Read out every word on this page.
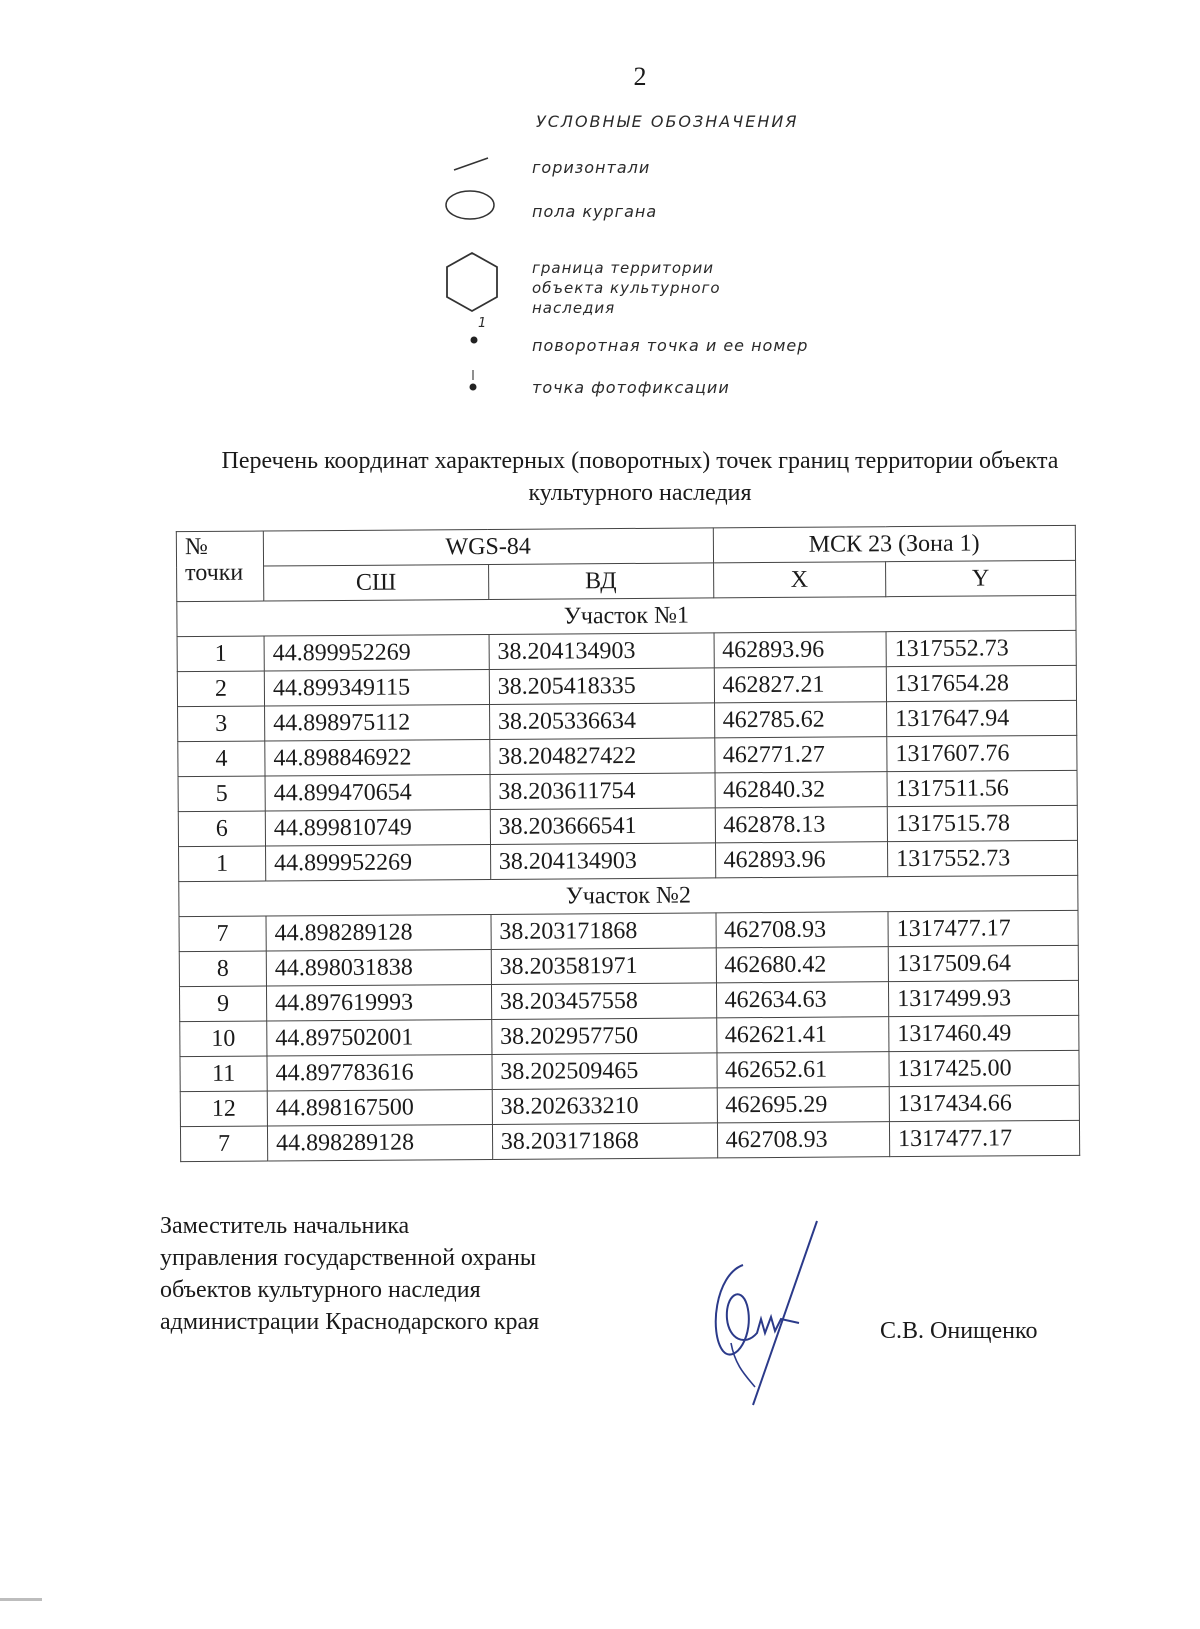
2
УСЛОВНЫЕ ОБОЗНАЧЕНИЯ
горизонтали
пола кургана
граница территории объекта культурного наследия
1
поворотная точка и ее номер
точка фотофиксации
Перечень координат характерных (поворотных) точек границ территории объекта культурного наследия
№ точки	WGS-84		МСК 23 (Зона 1)	
	СШ	ВД	X	Y
Участок №1				
1	44.899952269	38.204134903	462893.96	1317552.73
2	44.899349115	38.205418335	462827.21	1317654.28
3	44.898975112	38.205336634	462785.62	1317647.94
4	44.898846922	38.204827422	462771.27	1317607.76
5	44.899470654	38.203611754	462840.32	1317511.56
6	44.899810749	38.203666541	462878.13	1317515.78
1	44.899952269	38.204134903	462893.96	1317552.73
Участок №2				
7	44.898289128	38.203171868	462708.93	1317477.17
8	44.898031838	38.203581971	462680.42	1317509.64
9	44.897619993	38.203457558	462634.63	1317499.93
10	44.897502001	38.202957750	462621.41	1317460.49
11	44.897783616	38.202509465	462652.61	1317425.00
12	44.898167500	38.202633210	462695.29	1317434.66
7	44.898289128	38.203171868	462708.93	1317477.17
Заместитель начальника
управления государственной охраны
объектов культурного наследия
администрации Краснодарского края	С.В. Онищенко
